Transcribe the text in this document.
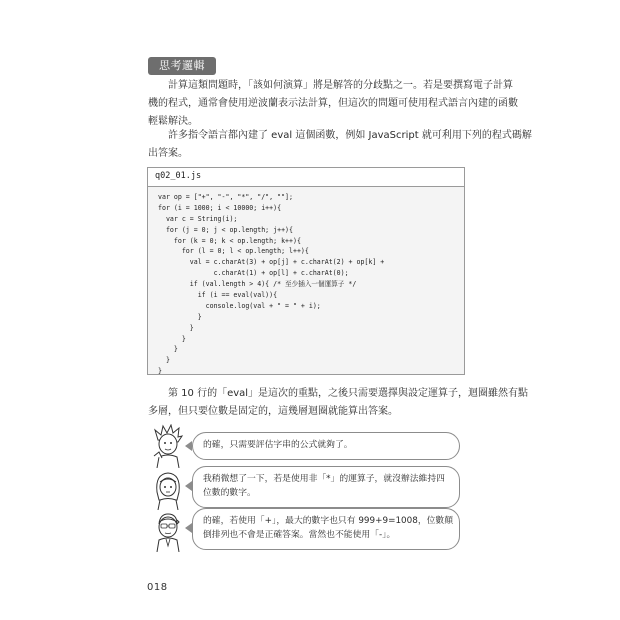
思考邏輯
計算這類問題時，「該如何演算」將是解答的分歧點之一。若是要撰寫電子計算
機的程式，通常會使用逆波蘭表示法計算，但這次的問題可使用程式語言內建的函數
輕鬆解決。
許多指令語言都內建了 eval 這個函數，例如 JavaScript 就可利用下列的程式碼解
出答案。
q02_01.js
var op = ["+", "-", "*", "/", ""];
for (i = 1000; i < 10000; i++){
var c = String(i);
for (j = 0; j < op.length; j++){
for (k = 0; k < op.length; k++){
for (l = 0; l < op.length; l++){
val = c.charAt(3) + op[j] + c.charAt(2) + op[k] +
c.charAt(1) + op[l] + c.charAt(0);
if (val.length > 4){ /* 至少插入一個運算子 */
if (i == eval(val)){
console.log(val + " = " + i);
}
}
}
}
}
}
第 10 行的「eval」是這次的重點，之後只需要選擇與設定運算子，迴圈雖然有點
多層，但只要位數是固定的，這幾層迴圈就能算出答案。
的確，只需要評估字串的公式就夠了。
我稍微想了一下，若是使用非「*」的運算子，就沒辦法維持四
位數的數字。
的確，若使用「+」，最大的數字也只有 999+9=1008，位數顛
倒排列也不會是正確答案。當然也不能使用「-」。
018
